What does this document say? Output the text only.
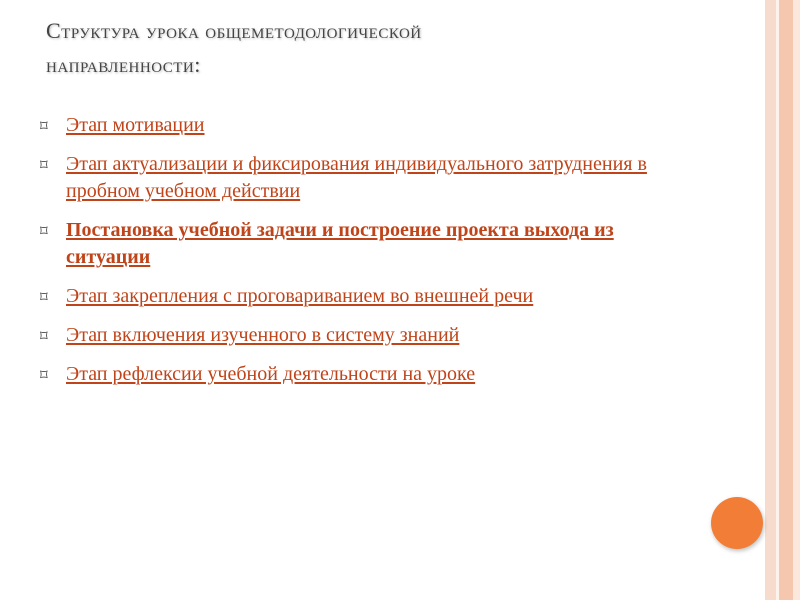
Структура урока общеметодологической
направленности:
⌑ Этап мотивации
⌑ Этап актуализации и фиксирования индивидуального затруднения в пробном учебном действии
⌑ Постановка учебной задачи и построение проекта выхода из ситуации
⌑ Этап закрепления с проговариванием во внешней речи
⌑ Этап включения изученного в систему знаний
⌑ Этап рефлексии учебной деятельности на уроке
